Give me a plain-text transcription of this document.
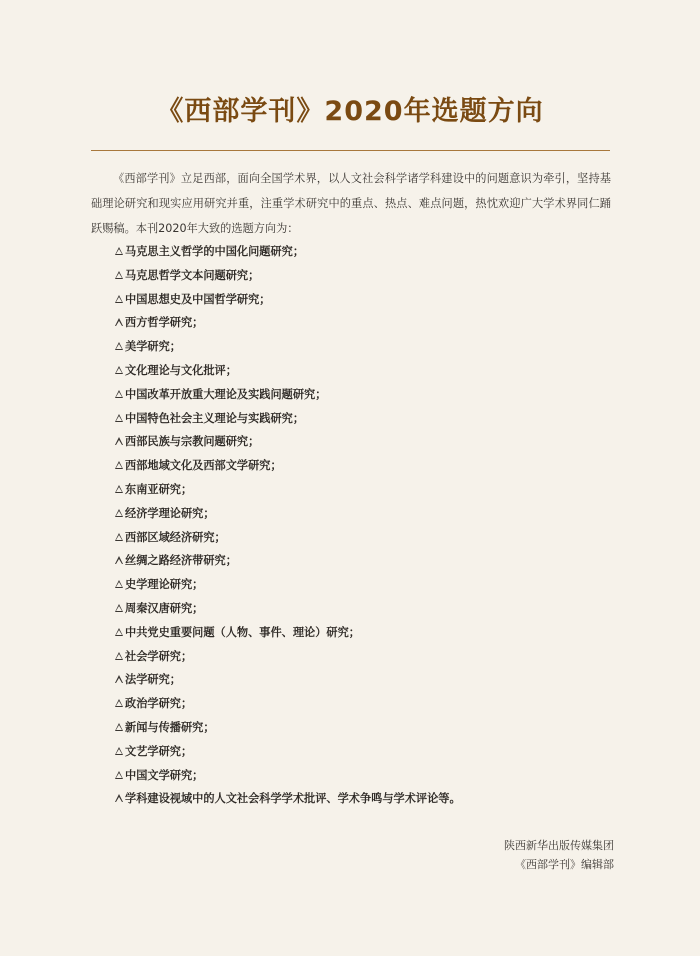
《西部学刊》2020年选题方向

《西部学刊》立足西部，面向全国学术界，以人文社会科学诸学科建设中的问题意识为牵引，坚持基础理论研究和现实应用研究并重，注重学术研究中的重点、热点、难点问题，热忱欢迎广大学术界同仁踊跃赐稿。本刊2020年大致的选题方向为：

马克思主义哲学的中国化问题研究；
马克思哲学文本问题研究；
中国思想史及中国哲学研究；
西方哲学研究；
美学研究；
文化理论与文化批评；
中国改革开放重大理论及实践问题研究；
中国特色社会主义理论与实践研究；
西部民族与宗教问题研究；
西部地域文化及西部文学研究；
东南亚研究；
经济学理论研究；
西部区域经济研究；
丝绸之路经济带研究；
史学理论研究；
周秦汉唐研究；
中共党史重要问题（人物、事件、理论）研究；
社会学研究；
法学研究；
政治学研究；
新闻与传播研究；
文艺学研究；
中国文学研究；
学科建设视域中的人文社会科学学术批评、学术争鸣与学术评论等。
陕西新华出版传媒集团
《西部学刊》编辑部
